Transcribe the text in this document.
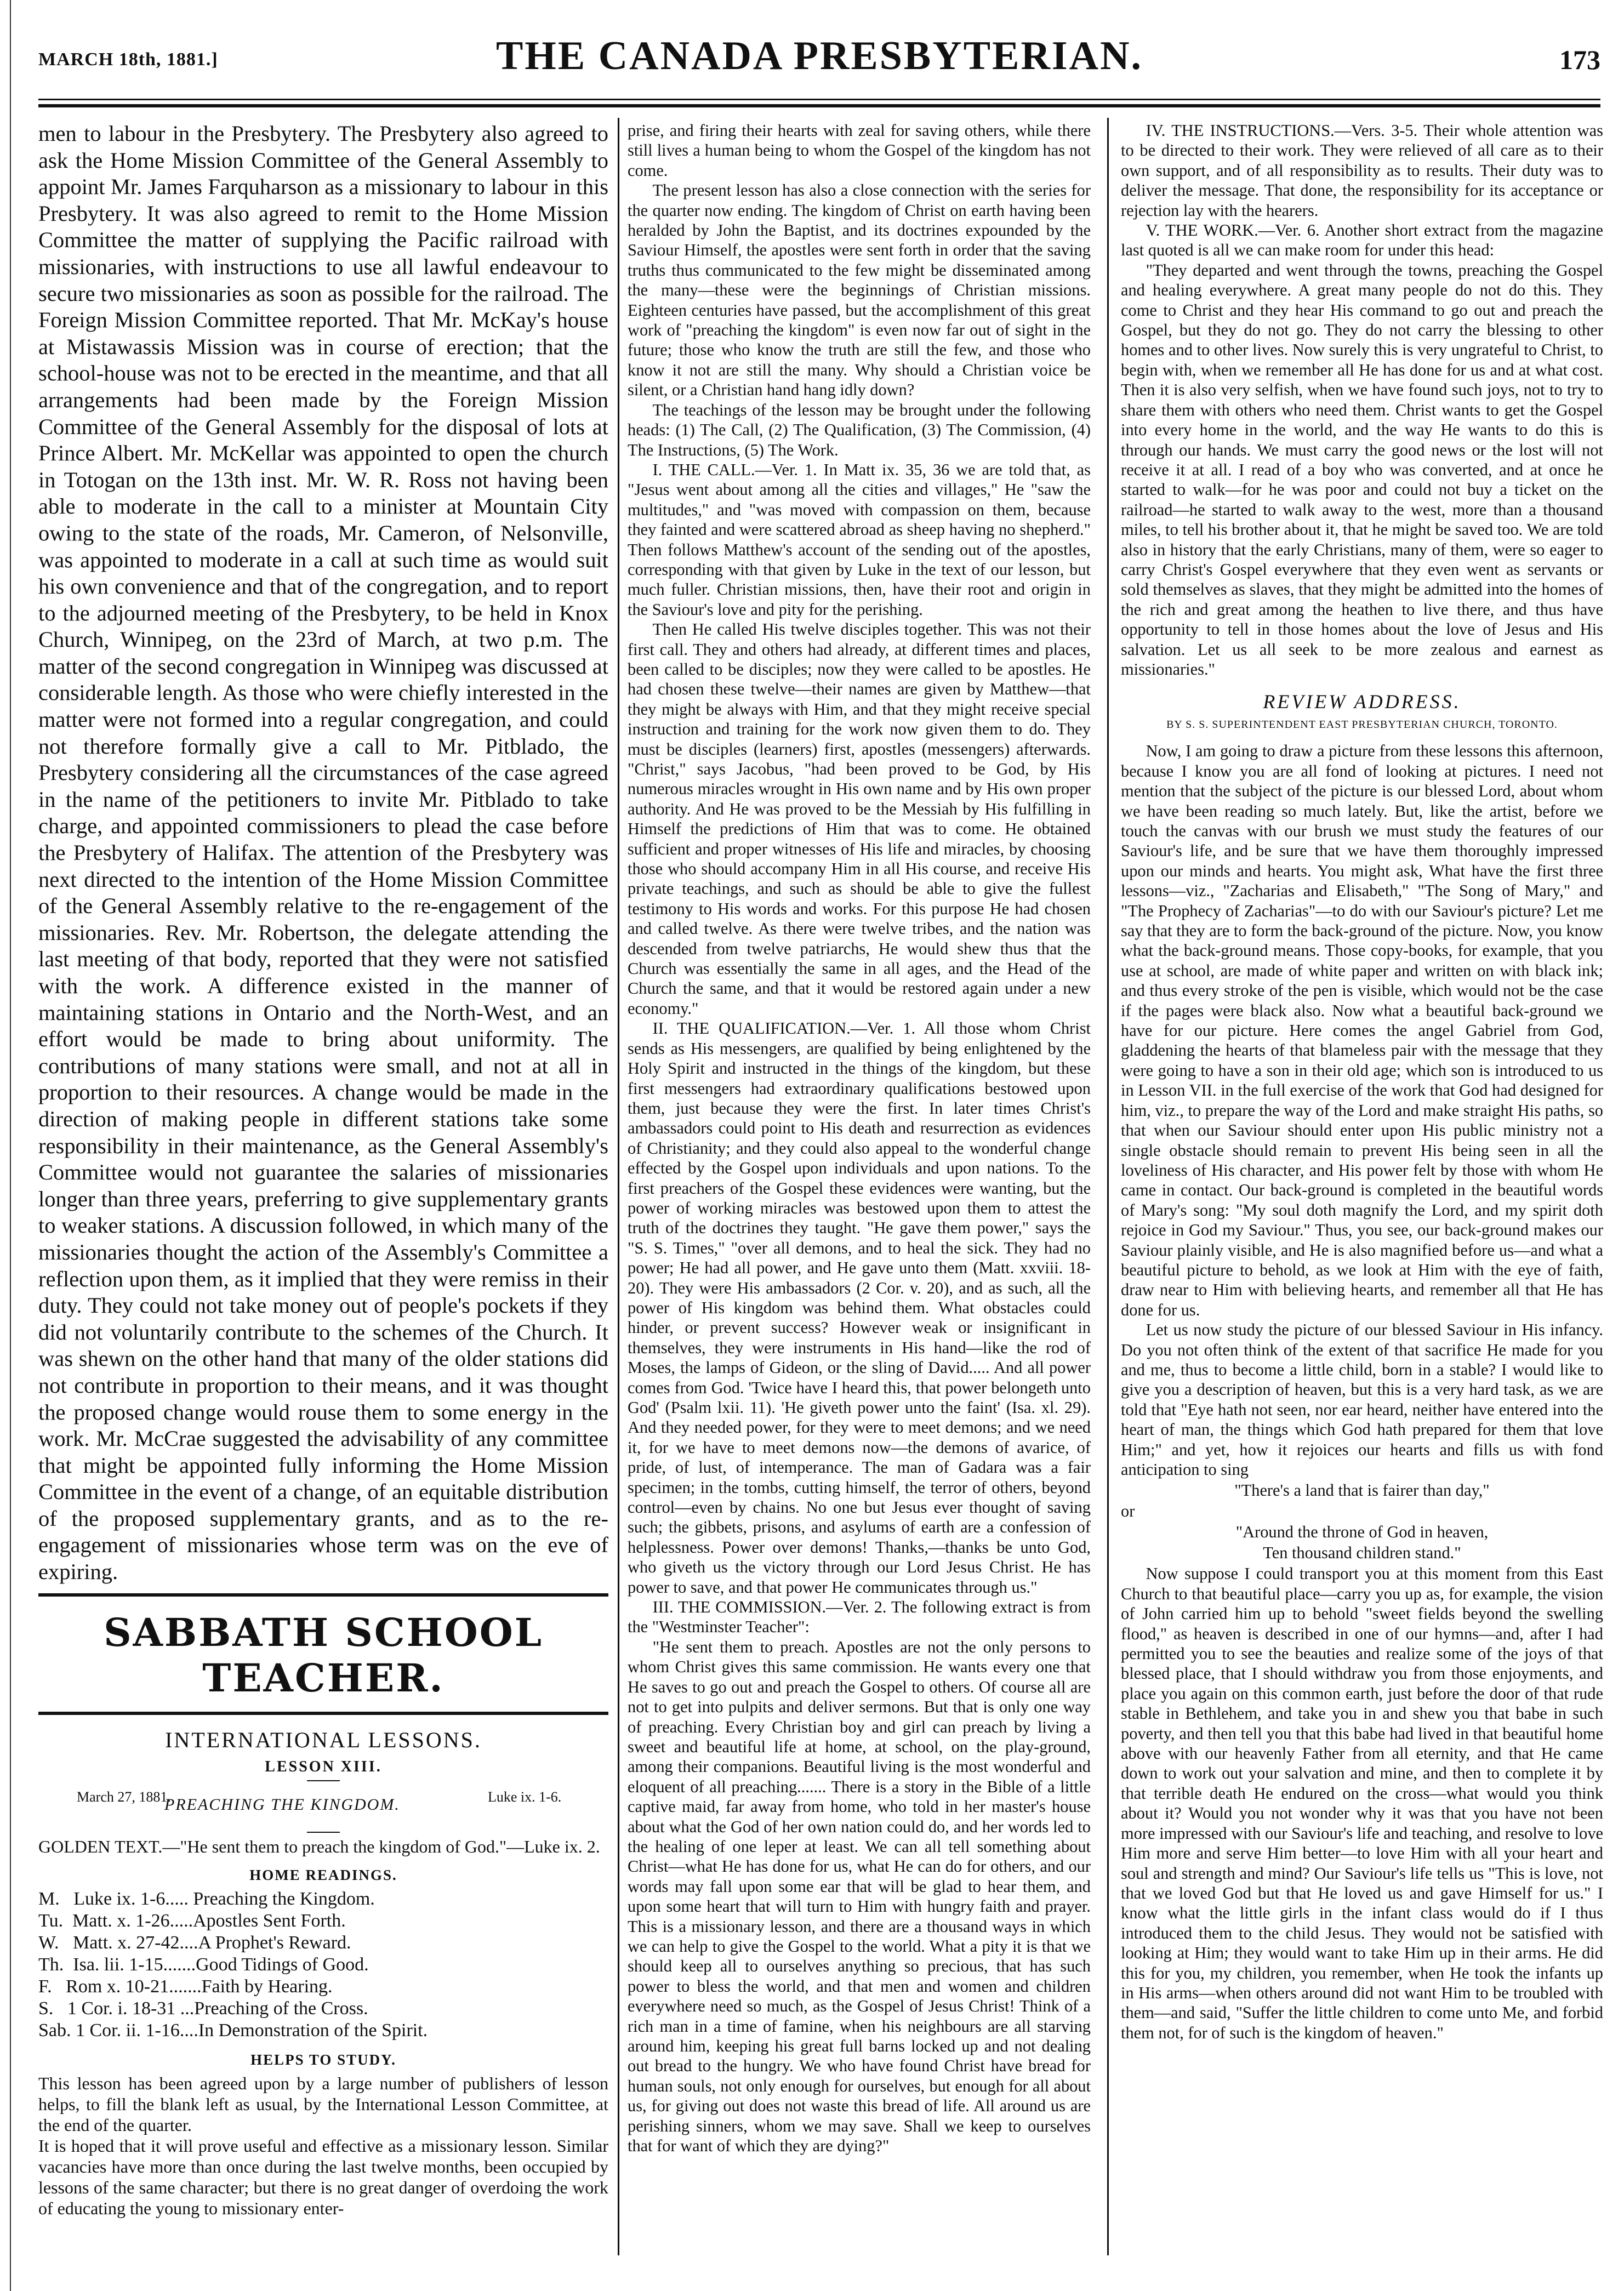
MARCH 18th, 1881.]	THE CANADA PRESBYTERIAN.	173

men to labour in the Presbytery. The Presbytery also agreed to ask the Home Mission Committee of the General Assembly to appoint Mr. James Farquharson as a missionary to labour in this Presbytery. It was also agreed to remit to the Home Mission Committee the matter of supplying the Pacific railroad with missionaries, with instructions to use all lawful endeavour to secure two missionaries as soon as possible for the railroad. The Foreign Mission Committee reported. That Mr. McKay's house at Mistawassis Mission was in course of erection; that the school-house was not to be erected in the meantime, and that all arrangements had been made by the Foreign Mission Committee of the General Assembly for the disposal of lots at Prince Albert. Mr. McKellar was appointed to open the church in Totogan on the 13th inst. Mr. W. R. Ross not having been able to moderate in the call to a minister at Mountain City owing to the state of the roads, Mr. Cameron, of Nelsonville, was appointed to moderate in a call at such time as would suit his own convenience and that of the congregation, and to report to the adjourned meeting of the Presbytery, to be held in Knox Church, Winnipeg, on the 23rd of March, at two p.m. The matter of the second congregation in Winnipeg was discussed at considerable length. As those who were chiefly interested in the matter were not formed into a regular congregation, and could not therefore formally give a call to Mr. Pitblado, the Presbytery considering all the circumstances of the case agreed in the name of the petitioners to invite Mr. Pitblado to take charge, and appointed commissioners to plead the case before the Presbytery of Halifax. The attention of the Presbytery was next directed to the intention of the Home Mission Committee of the General Assembly relative to the re-engagement of the missionaries. Rev. Mr. Robertson, the delegate attending the last meeting of that body, reported that they were not satisfied with the work. A difference existed in the manner of maintaining stations in Ontario and the North-West, and an effort would be made to bring about uniformity. The contributions of many stations were small, and not at all in proportion to their resources. A change would be made in the direction of making people in different stations take some responsibility in their maintenance, as the General Assembly's Committee would not guarantee the salaries of missionaries longer than three years, preferring to give supplementary grants to weaker stations. A discussion followed, in which many of the missionaries thought the action of the Assembly's Committee a reflection upon them, as it implied that they were remiss in their duty. They could not take money out of people's pockets if they did not voluntarily contribute to the schemes of the Church. It was shewn on the other hand that many of the older stations did not contribute in proportion to their means, and it was thought the proposed change would rouse them to some energy in the work. Mr. McCrae suggested the advisability of any committee that might be appointed fully informing the Home Mission Committee in the event of a change, of an equitable distribution of the proposed supplementary grants, and as to the re-engagement of missionaries whose term was on the eve of expiring.

SABBATH SCHOOL TEACHER.
INTERNATIONAL LESSONS.
LESSON XIII.
March 27, 1881.
PREACHING THE KINGDOM.	Luke ix. 1-6.

GOLDEN TEXT.—"He sent them to preach the kingdom of God."—Luke ix. 2.

HOME READINGS.
M.   Luke ix. 1-6..... Preaching the Kingdom.
Tu.  Matt. x. 1-26.....Apostles Sent Forth.
W.   Matt. x. 27-42....A Prophet's Reward.
Th.  Isa. lii. 1-15.......Good Tidings of Good.
F.   Rom x. 10-21.......Faith by Hearing.
S.   1 Cor. i. 18-31 ...Preaching of the Cross.
Sab. 1 Cor. ii. 1-16....In Demonstration of the Spirit.
HELPS TO STUDY.

This lesson has been agreed upon by a large number of publishers of lesson helps, to fill the blank left as usual, by the International Lesson Committee, at the end of the quarter.

It is hoped that it will prove useful and effective as a missionary lesson. Similar vacancies have more than once during the last twelve months, been occupied by lessons of the same character; but there is no great danger of overdoing the work of educating the young to missionary enter-

prise, and firing their hearts with zeal for saving others, while there still lives a human being to whom the Gospel of the kingdom has not come.

The present lesson has also a close connection with the series for the quarter now ending. The kingdom of Christ on earth having been heralded by John the Baptist, and its doctrines expounded by the Saviour Himself, the apostles were sent forth in order that the saving truths thus communicated to the few might be disseminated among the many—these were the beginnings of Christian missions. Eighteen centuries have passed, but the accomplishment of this great work of "preaching the kingdom" is even now far out of sight in the future; those who know the truth are still the few, and those who know it not are still the many. Why should a Christian voice be silent, or a Christian hand hang idly down?

The teachings of the lesson may be brought under the following heads: (1) The Call, (2) The Qualification, (3) The Commission, (4) The Instructions, (5) The Work.

I. THE CALL.—Ver. 1. In Matt ix. 35, 36 we are told that, as "Jesus went about among all the cities and villages," He "saw the multitudes," and "was moved with compassion on them, because they fainted and were scattered abroad as sheep having no shepherd." Then follows Matthew's account of the sending out of the apostles, corresponding with that given by Luke in the text of our lesson, but much fuller. Christian missions, then, have their root and origin in the Saviour's love and pity for the perishing.

Then He called His twelve disciples together. This was not their first call. They and others had already, at different times and places, been called to be disciples; now they were called to be apostles. He had chosen these twelve—their names are given by Matthew—that they might be always with Him, and that they might receive special instruction and training for the work now given them to do. They must be disciples (learners) first, apostles (messengers) afterwards. "Christ," says Jacobus, "had been proved to be God, by His numerous miracles wrought in His own name and by His own proper authority. And He was proved to be the Messiah by His fulfilling in Himself the predictions of Him that was to come. He obtained sufficient and proper witnesses of His life and miracles, by choosing those who should accompany Him in all His course, and receive His private teachings, and such as should be able to give the fullest testimony to His words and works. For this purpose He had chosen and called twelve. As there were twelve tribes, and the nation was descended from twelve patriarchs, He would shew thus that the Church was essentially the same in all ages, and the Head of the Church the same, and that it would be restored again under a new economy."

II. THE QUALIFICATION.—Ver. 1. All those whom Christ sends as His messengers, are qualified by being enlightened by the Holy Spirit and instructed in the things of the kingdom, but these first messengers had extraordinary qualifications bestowed upon them, just because they were the first. In later times Christ's ambassadors could point to His death and resurrection as evidences of Christianity; and they could also appeal to the wonderful change effected by the Gospel upon individuals and upon nations. To the first preachers of the Gospel these evidences were wanting, but the power of working miracles was bestowed upon them to attest the truth of the doctrines they taught. "He gave them power," says the "S. S. Times," "over all demons, and to heal the sick. They had no power; He had all power, and He gave unto them (Matt. xxviii. 18-20). They were His ambassadors (2 Cor. v. 20), and as such, all the power of His kingdom was behind them. What obstacles could hinder, or prevent success? However weak or insignificant in themselves, they were instruments in His hand—like the rod of Moses, the lamps of Gideon, or the sling of David..... And all power comes from God. 'Twice have I heard this, that power belongeth unto God' (Psalm lxii. 11). 'He giveth power unto the faint' (Isa. xl. 29). And they needed power, for they were to meet demons; and we need it, for we have to meet demons now—the demons of avarice, of pride, of lust, of intemperance. The man of Gadara was a fair specimen; in the tombs, cutting himself, the terror of others, beyond control—even by chains. No one but Jesus ever thought of saving such; the gibbets, prisons, and asylums of earth are a confession of helplessness. Power over demons! Thanks,—thanks be unto God, who giveth us the victory through our Lord Jesus Christ. He has power to save, and that power He communicates through us."

III. THE COMMISSION.—Ver. 2. The following extract is from the "Westminster Teacher":

"He sent them to preach. Apostles are not the only persons to whom Christ gives this same commission. He wants every one that He saves to go out and preach the Gospel to others. Of course all are not to get into pulpits and deliver sermons. But that is only one way of preaching. Every Christian boy and girl can preach by living a sweet and beautiful life at home, at school, on the play-ground, among their companions. Beautiful living is the most wonderful and eloquent of all preaching....... There is a story in the Bible of a little captive maid, far away from home, who told in her master's house about what the God of her own nation could do, and her words led to the healing of one leper at least. We can all tell something about Christ—what He has done for us, what He can do for others, and our words may fall upon some ear that will be glad to hear them, and upon some heart that will turn to Him with hungry faith and prayer. This is a missionary lesson, and there are a thousand ways in which we can help to give the Gospel to the world. What a pity it is that we should keep all to ourselves anything so precious, that has such power to bless the world, and that men and women and children everywhere need so much, as the Gospel of Jesus Christ! Think of a rich man in a time of famine, when his neighbours are all starving around him, keeping his great full barns locked up and not dealing out bread to the hungry. We who have found Christ have bread for human souls, not only enough for ourselves, but enough for all about us, for giving out does not waste this bread of life. All around us are perishing sinners, whom we may save. Shall we keep to ourselves that for want of which they are dying?"

IV. THE INSTRUCTIONS.—Vers. 3-5. Their whole attention was to be directed to their work. They were relieved of all care as to their own support, and of all responsibility as to results. Their duty was to deliver the message. That done, the responsibility for its acceptance or rejection lay with the hearers.

V. THE WORK.—Ver. 6. Another short extract from the magazine last quoted is all we can make room for under this head:

"They departed and went through the towns, preaching the Gospel and healing everywhere. A great many people do not do this. They come to Christ and they hear His command to go out and preach the Gospel, but they do not go. They do not carry the blessing to other homes and to other lives. Now surely this is very ungrateful to Christ, to begin with, when we remember all He has done for us and at what cost. Then it is also very selfish, when we have found such joys, not to try to share them with others who need them. Christ wants to get the Gospel into every home in the world, and the way He wants to do this is through our hands. We must carry the good news or the lost will not receive it at all. I read of a boy who was converted, and at once he started to walk—for he was poor and could not buy a ticket on the railroad—he started to walk away to the west, more than a thousand miles, to tell his brother about it, that he might be saved too. We are told also in history that the early Christians, many of them, were so eager to carry Christ's Gospel everywhere that they even went as servants or sold themselves as slaves, that they might be admitted into the homes of the rich and great among the heathen to live there, and thus have opportunity to tell in those homes about the love of Jesus and His salvation. Let us all seek to be more zealous and earnest as missionaries."

REVIEW ADDRESS.
BY S. S. SUPERINTENDENT EAST PRESBYTERIAN CHURCH, TORONTO.

Now, I am going to draw a picture from these lessons this afternoon, because I know you are all fond of looking at pictures. I need not mention that the subject of the picture is our blessed Lord, about whom we have been reading so much lately. But, like the artist, before we touch the canvas with our brush we must study the features of our Saviour's life, and be sure that we have them thoroughly impressed upon our minds and hearts. You might ask, What have the first three lessons—viz., "Zacharias and Elisabeth," "The Song of Mary," and "The Prophecy of Zacharias"—to do with our Saviour's picture? Let me say that they are to form the back-ground of the picture. Now, you know what the back-ground means. Those copy-books, for example, that you use at school, are made of white paper and written on with black ink; and thus every stroke of the pen is visible, which would not be the case if the pages were black also. Now what a beautiful back-ground we have for our picture. Here comes the angel Gabriel from God, gladdening the hearts of that blameless pair with the message that they were going to have a son in their old age; which son is introduced to us in Lesson VII. in the full exercise of the work that God had designed for him, viz., to prepare the way of the Lord and make straight His paths, so that when our Saviour should enter upon His public ministry not a single obstacle should remain to prevent His being seen in all the loveliness of His character, and His power felt by those with whom He came in contact. Our back-ground is completed in the beautiful words of Mary's song: "My soul doth magnify the Lord, and my spirit doth rejoice in God my Saviour." Thus, you see, our back-ground makes our Saviour plainly visible, and He is also magnified before us—and what a beautiful picture to behold, as we look at Him with the eye of faith, draw near to Him with believing hearts, and remember all that He has done for us.

Let us now study the picture of our blessed Saviour in His infancy. Do you not often think of the extent of that sacrifice He made for you and me, thus to become a little child, born in a stable? I would like to give you a description of heaven, but this is a very hard task, as we are told that "Eye hath not seen, nor ear heard, neither have entered into the heart of man, the things which God hath prepared for them that love Him;" and yet, how it rejoices our hearts and fills us with fond anticipation to sing

"There's a land that is fairer than day,"
or
"Around the throne of God in heaven,
Ten thousand children stand."

Now suppose I could transport you at this moment from this East Church to that beautiful place—carry you up as, for example, the vision of John carried him up to behold "sweet fields beyond the swelling flood," as heaven is described in one of our hymns—and, after I had permitted you to see the beauties and realize some of the joys of that blessed place, that I should withdraw you from those enjoyments, and place you again on this common earth, just before the door of that rude stable in Bethlehem, and take you in and shew you that babe in such poverty, and then tell you that this babe had lived in that beautiful home above with our heavenly Father from all eternity, and that He came down to work out your salvation and mine, and then to complete it by that terrible death He endured on the cross—what would you think about it? Would you not wonder why it was that you have not been more impressed with our Saviour's life and teaching, and resolve to love Him more and serve Him better—to love Him with all your heart and soul and strength and mind? Our Saviour's life tells us "This is love, not that we loved God but that He loved us and gave Himself for us." I know what the little girls in the infant class would do if I thus introduced them to the child Jesus. They would not be satisfied with looking at Him; they would want to take Him up in their arms. He did this for you, my children, you remember, when He took the infants up in His arms—when others around did not want Him to be troubled with them—and said, "Suffer the little children to come unto Me, and forbid them not, for of such is the kingdom of heaven."
